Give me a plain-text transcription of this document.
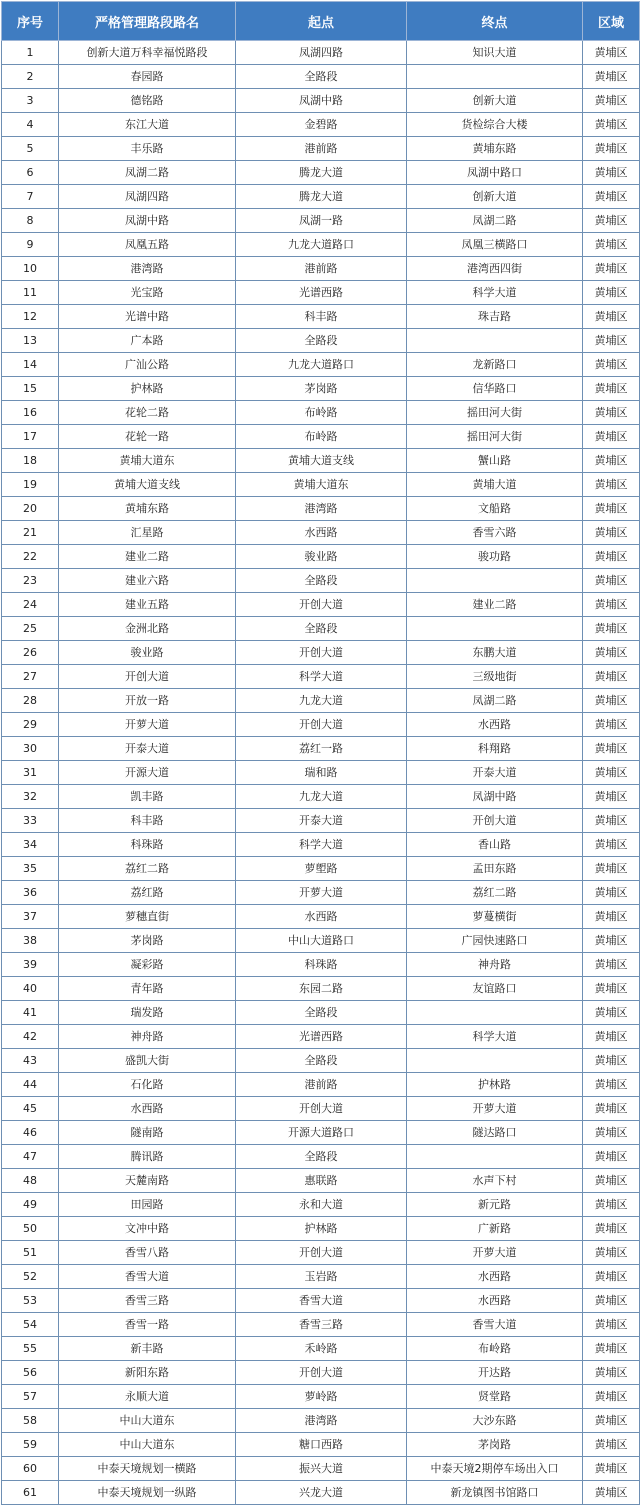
序号	严格管理路段路名	起点	终点	区域
1	创新大道万科幸福悦路段	凤湖四路	知识大道	黄埔区
2	春园路	全路段		黄埔区
3	德铭路	凤湖中路	创新大道	黄埔区
4	东江大道	金碧路	货检综合大楼	黄埔区
5	丰乐路	港前路	黄埔东路	黄埔区
6	凤湖二路	腾龙大道	凤湖中路口	黄埔区
7	凤湖四路	腾龙大道	创新大道	黄埔区
8	凤湖中路	凤湖一路	凤湖二路	黄埔区
9	凤凰五路	九龙大道路口	凤凰三横路口	黄埔区
10	港湾路	港前路	港湾西四街	黄埔区
11	光宝路	光谱西路	科学大道	黄埔区
12	光谱中路	科丰路	珠吉路	黄埔区
13	广本路	全路段		黄埔区
14	广汕公路	九龙大道路口	龙新路口	黄埔区
15	护林路	茅岗路	信华路口	黄埔区
16	花轮二路	布岭路	摇田河大街	黄埔区
17	花轮一路	布岭路	摇田河大街	黄埔区
18	黄埔大道东	黄埔大道支线	蟹山路	黄埔区
19	黄埔大道支线	黄埔大道东	黄埔大道	黄埔区
20	黄埔东路	港湾路	文船路	黄埔区
21	汇星路	水西路	香雪六路	黄埔区
22	建业二路	骏业路	骏功路	黄埔区
23	建业六路	全路段		黄埔区
24	建业五路	开创大道	建业二路	黄埔区
25	金洲北路	全路段		黄埔区
26	骏业路	开创大道	东鹏大道	黄埔区
27	开创大道	科学大道	三级地街	黄埔区
28	开放一路	九龙大道	凤湖二路	黄埔区
29	开萝大道	开创大道	水西路	黄埔区
30	开泰大道	荔红一路	科翔路	黄埔区
31	开源大道	瑞和路	开泰大道	黄埔区
32	凯丰路	九龙大道	凤湖中路	黄埔区
33	科丰路	开泰大道	开创大道	黄埔区
34	科珠路	科学大道	香山路	黄埔区
35	荔红二路	萝塱路	孟田东路	黄埔区
36	荔红路	开萝大道	荔红二路	黄埔区
37	萝穗直街	水西路	萝蔓横街	黄埔区
38	茅岗路	中山大道路口	广园快速路口	黄埔区
39	凝彩路	科珠路	神舟路	黄埔区
40	青年路	东园二路	友谊路口	黄埔区
41	瑞发路	全路段		黄埔区
42	神舟路	光谱西路	科学大道	黄埔区
43	盛凯大街	全路段		黄埔区
44	石化路	港前路	护林路	黄埔区
45	水西路	开创大道	开萝大道	黄埔区
46	隧南路	开源大道路口	隧达路口	黄埔区
47	腾讯路	全路段		黄埔区
48	天麓南路	惠联路	水声下村	黄埔区
49	田园路	永和大道	新元路	黄埔区
50	文冲中路	护林路	广新路	黄埔区
51	香雪八路	开创大道	开萝大道	黄埔区
52	香雪大道	玉岩路	水西路	黄埔区
53	香雪三路	香雪大道	水西路	黄埔区
54	香雪一路	香雪三路	香雪大道	黄埔区
55	新丰路	禾岭路	布岭路	黄埔区
56	新阳东路	开创大道	开达路	黄埔区
57	永顺大道	萝岭路	贤堂路	黄埔区
58	中山大道东	港湾路	大沙东路	黄埔区
59	中山大道东	糖口西路	茅岗路	黄埔区
60	中泰天境规划一横路	振兴大道	中泰天境2期停车场出入口	黄埔区
61	中泰天境规划一纵路	兴龙大道	新龙镇图书馆路口	黄埔区
